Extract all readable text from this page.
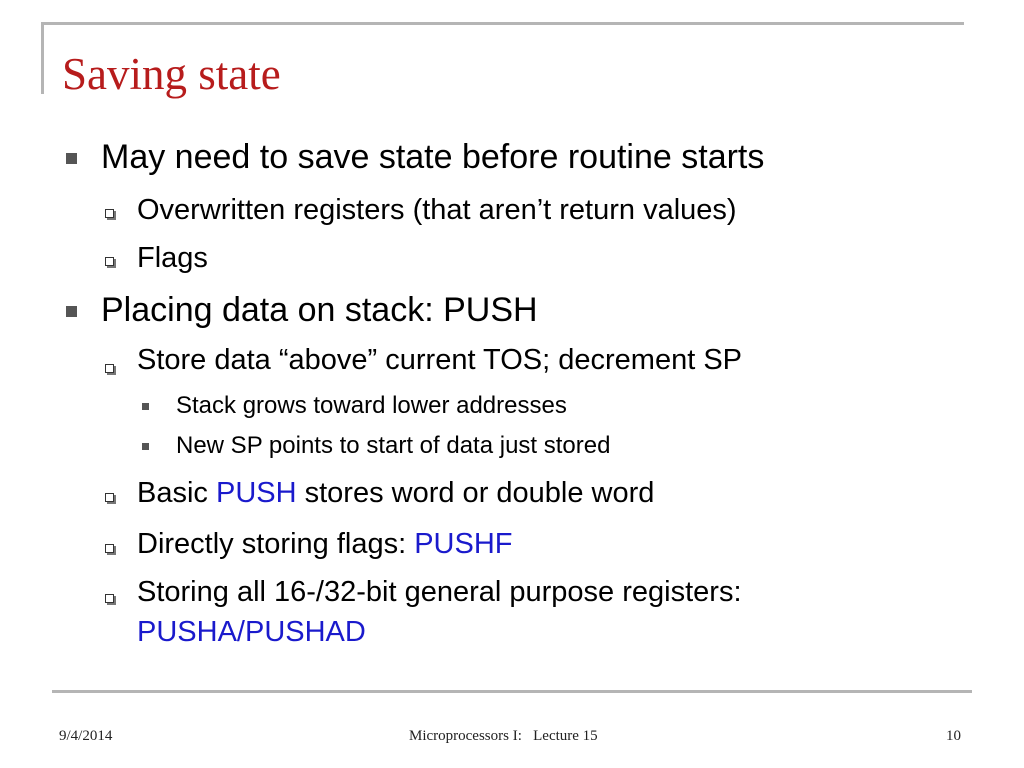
Saving state
May need to save state before routine starts
Overwritten registers (that aren’t return values)
Flags
Placing data on stack: PUSH
Store data “above” current TOS; decrement SP
Stack grows toward lower addresses
New SP points to start of data just stored
Basic PUSH stores word or double word
Directly storing flags: PUSHF
Storing all 16-/32-bit general purpose registers:
PUSHA/PUSHAD
9/4/2014	Microprocessors I:   Lecture 15	10
